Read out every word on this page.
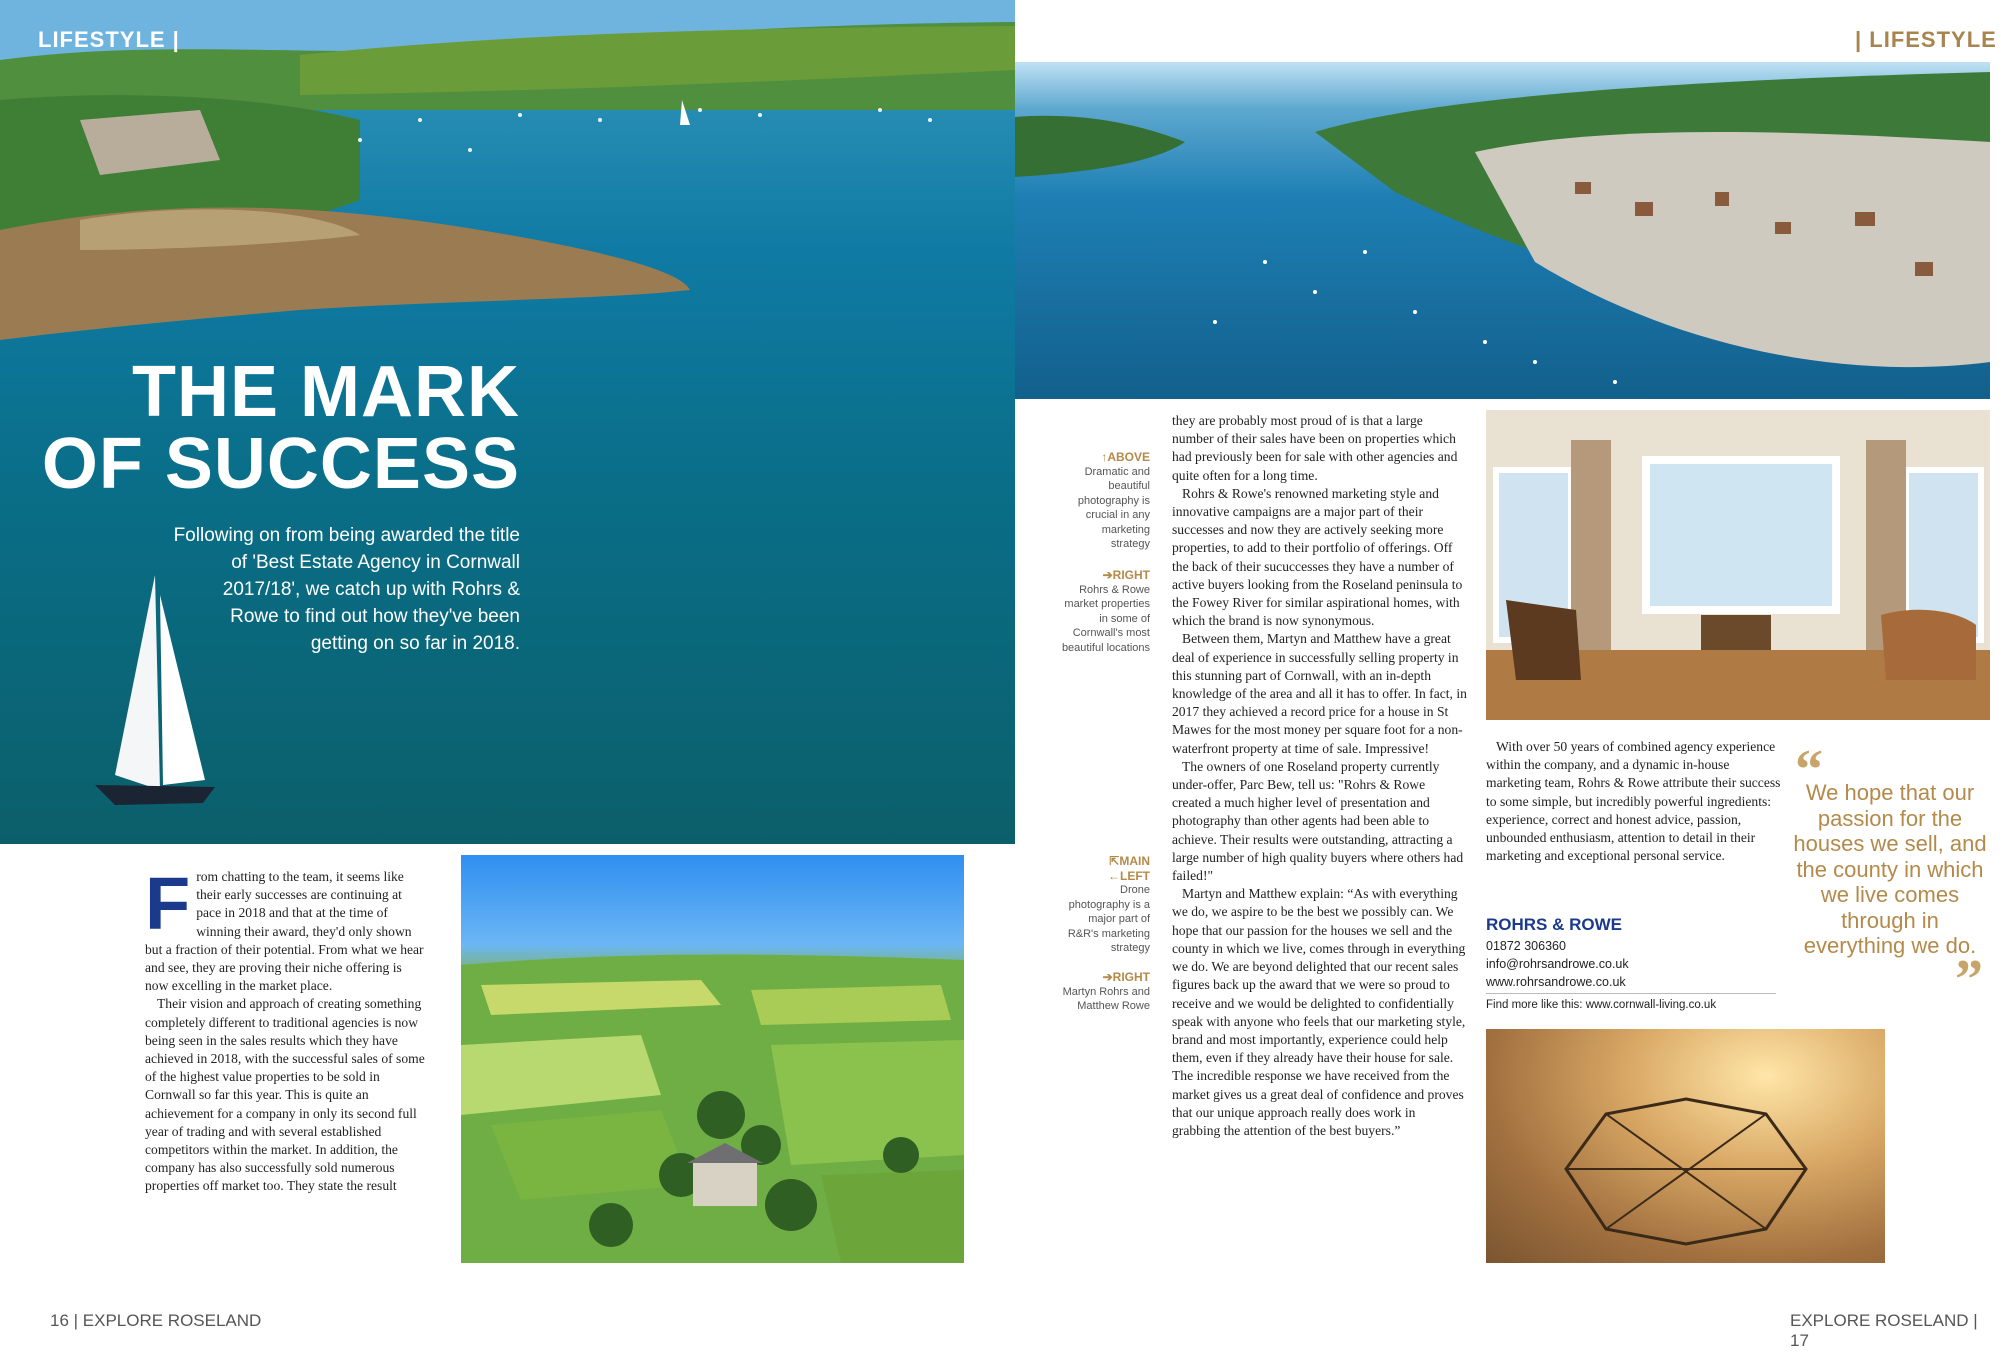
LIFESTYLE |
THE MARK
OF SUCCESS
Following on from being awarded the title of 'Best Estate Agency in Cornwall 2017/18', we catch up with Rohrs & Rowe to find out how they've been getting on so far in 2018.
F rom chatting to the team, it seems like their early successes are continuing at pace in 2018 and that at the time of winning their award, they'd only shown but a fraction of their potential. From what we hear and see, they are proving their niche offering is now excelling in the market place.
Their vision and approach of creating something completely different to traditional agencies is now being seen in the sales results which they have achieved in 2018, with the successful sales of some of the highest value properties to be sold in Cornwall so far this year. This is quite an achievement for a company in only its second full year of trading and with several established competitors within the market. In addition, the company has also successfully sold numerous properties off market too. They state the result
16 | EXPLORE ROSELAND
| LIFESTYLE
↑ABOVE
Dramatic and beautiful photography is crucial in any marketing strategy
➔RIGHT
Rohrs & Rowe market properties in some of Cornwall's most beautiful locations
⇱MAIN
←LEFT
Drone photography is a major part of R&R's marketing strategy
➔RIGHT
Martyn Rohrs and Matthew Rowe
they are probably most proud of is that a large number of their sales have been on properties which had previously been for sale with other agencies and quite often for a long time.
Rohrs & Rowe's renowned marketing style and innovative campaigns are a major part of their successes and now they are actively seeking more properties, to add to their portfolio of offerings. Off the back of their sucuccesses they have a number of active buyers looking from the Roseland peninsula to the Fowey River for similar aspirational homes, with which the brand is now synonymous.
Between them, Martyn and Matthew have a great deal of experience in successfully selling property in this stunning part of Cornwall, with an in-depth knowledge of the area and all it has to offer. In fact, in 2017 they achieved a record price for a house in St Mawes for the most money per square foot for a non-waterfront property at time of sale. Impressive!
The owners of one Roseland property currently under-offer, Parc Bew, tell us: "Rohrs & Rowe created a much higher level of presentation and photography than other agents had been able to achieve. Their results were outstanding, attracting a large number of high quality buyers where others had failed!"
Martyn and Matthew explain: “As with everything we do, we aspire to be the best we possibly can. We hope that our passion for the houses we sell and the county in which we live, comes through in everything we do. We are beyond delighted that our recent sales figures back up the award that we were so proud to receive and we would be delighted to confidentially speak with anyone who feels that our marketing style, brand and most importantly, experience could help them, even if they already have their house for sale. The incredible response we have received from the market gives us a great deal of confidence and proves that our unique approach really does work in grabbing the attention of the best buyers.”
With over 50 years of combined agency experience within the company, and a dynamic in-house marketing team, Rohrs & Rowe attribute their success to some simple, but incredibly powerful ingredients: experience, correct and honest advice, passion, unbounded enthusiasm, attention to detail in their marketing and exceptional personal service.
ROHRS & ROWE
01872 306360
info@rohrsandrowe.co.uk
www.rohrsandrowe.co.uk
Find more like this: www.cornwall-living.co.uk
“
We hope that our passion for the houses we sell, and the county in which we live comes through in everything we do.
”
EXPLORE ROSELAND | 17
